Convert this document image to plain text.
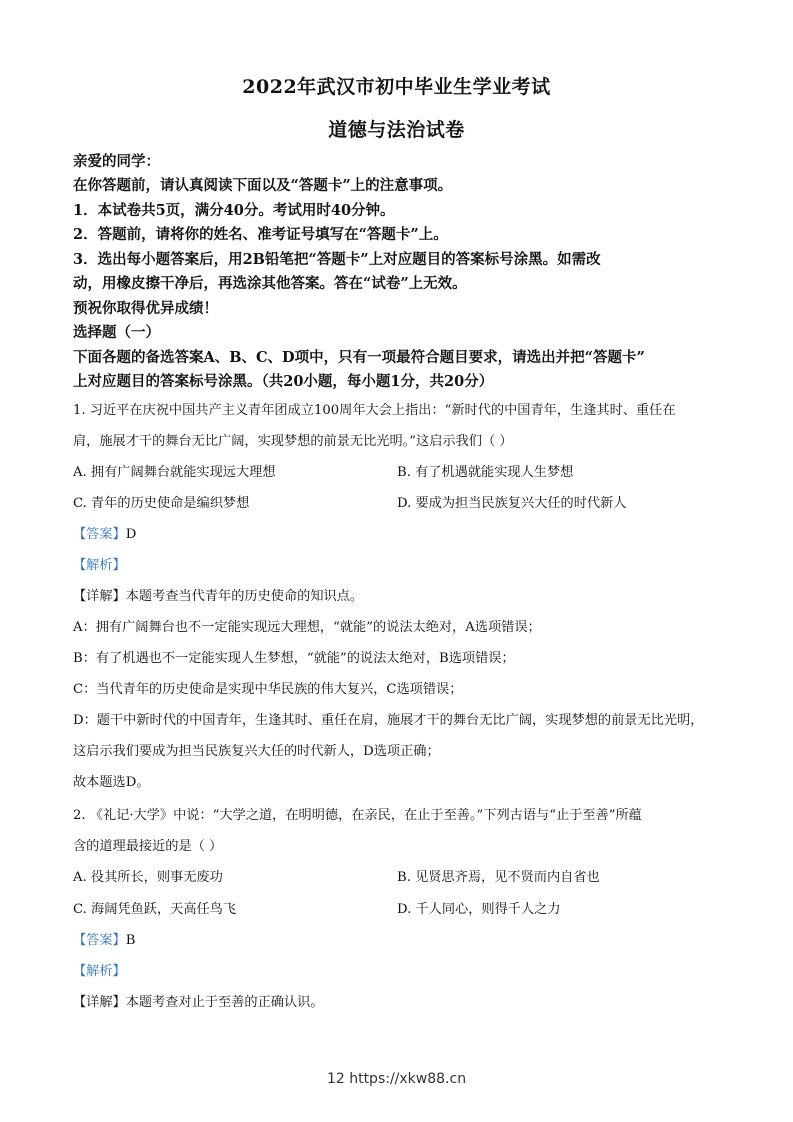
2022年武汉市初中毕业生学业考试
道德与法治试卷
亲爱的同学：
在你答题前，请认真阅读下面以及“答题卡”上的注意事项。
1．本试卷共5页，满分40分。考试用时40分钟。
2．答题前，请将你的姓名、准考证号填写在“答题卡”上。
3．选出每小题答案后，用2B铅笔把“答题卡”上对应题目的答案标号涂黑。如需改
动，用橡皮擦干净后，再选涂其他答案。答在“试卷”上无效。
预祝你取得优异成绩！
选择题（一）
下面各题的备选答案A、B、C、D项中，只有一项最符合题目要求，请选出并把“答题卡”
上对应题目的答案标号涂黑。（共20小题，每小题1分，共20分）
1. 习近平在庆祝中国共产主义青年团成立100周年大会上指出：“新时代的中国青年，生逢其时、重任在
肩，施展才干的舞台无比广阔，实现梦想的前景无比光明。”这启示我们（ ）
A. 拥有广阔舞台就能实现远大理想	B. 有了机遇就能实现人生梦想
C. 青年的历史使命是编织梦想	D. 要成为担当民族复兴大任的时代新人
【答案】D
【解析】
【详解】本题考查当代青年的历史使命的知识点。
A：拥有广阔舞台也不一定能实现远大理想，“就能”的说法太绝对，A选项错误；
B：有了机遇也不一定能实现人生梦想，“就能”的说法太绝对，B选项错误；
C：当代青年的历史使命是实现中华民族的伟大复兴，C选项错误；
D：题干中新时代的中国青年，生逢其时、重任在肩，施展才干的舞台无比广阔，实现梦想的前景无比光明，
这启示我们要成为担当民族复兴大任的时代新人，D选项正确；
故本题选D。
2. 《礼记·大学》中说：“大学之道，在明明德，在亲民，在止于至善。”下列古语与“止于至善”所蕴
含的道理最接近的是（ ）
A. 役其所长，则事无废功	B. 见贤思齐焉，见不贤而内自省也
C. 海阔凭鱼跃，天高任鸟飞	D. 千人同心，则得千人之力
【答案】B
【解析】
【详解】本题考查对止于至善的正确认识。
12 https://xkw88.cn
